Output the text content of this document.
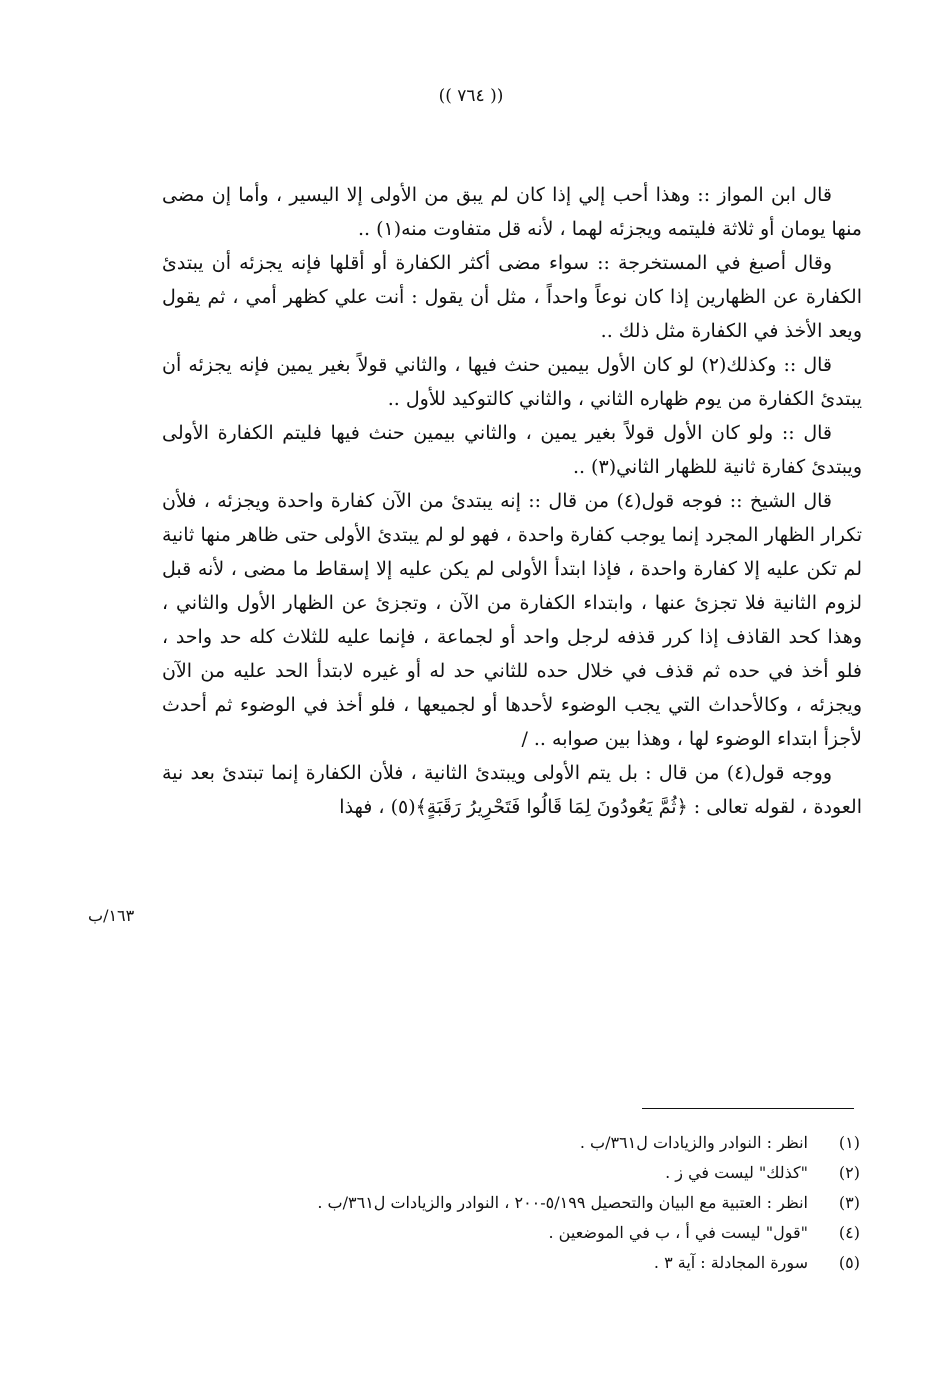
(( ٧٦٤ ))

قال ابن المواز :: وهذا أحب إلي إذا كان لم يبق من الأولى إلا اليسير ، وأما إن مضى منها يومان أو ثلاثة فليتمه ويجزئه لهما ، لأنه قل متفاوت منه(١) ..

وقال أصبغ في المستخرجة :: سواء مضى أكثر الكفارة أو أقلها فإنه يجزئه أن يبتدئ الكفارة عن الظهارين إذا كان نوعاً واحداً ، مثل أن يقول : أنت علي كظهر أمي ، ثم يقول ويعد الأخذ في الكفارة مثل ذلك ..

قال :: وكذلك(٢) لو كان الأول بيمين حنث فيها ، والثاني قولاً بغير يمين فإنه يجزئه أن يبتدئ الكفارة من يوم ظهاره الثاني ، والثاني كالتوكيد للأول ..

قال :: ولو كان الأول قولاً بغير يمين ، والثاني بيمين حنث فيها فليتم الكفارة الأولى ويبتدئ كفارة ثانية للظهار الثاني(٣) ..

قال الشيخ :: فوجه قول(٤) من قال :: إنه يبتدئ من الآن كفارة واحدة ويجزئه ، فلأن تكرار الظهار المجرد إنما يوجب كفارة واحدة ، فهو لو لم يبتدئ الأولى حتى ظاهر منها ثانية لم تكن عليه إلا كفارة واحدة ، فإذا ابتدأ الأولى لم يكن عليه إلا إسقاط ما مضى ، لأنه قبل لزوم الثانية فلا تجزئ عنها ، وابتداء الكفارة من الآن ، وتجزئ عن الظهار الأول والثاني ، وهذا كحد القاذف إذا كرر قذفه لرجل واحد أو لجماعة ، فإنما عليه للثلاث كله حد واحد ، فلو أخذ في حده ثم قذف في خلال حده للثاني حد له أو غيره لابتدأ الحد عليه من الآن ويجزئه ، وكالأحداث التي يجب الوضوء لأحدها أو لجميعها ، فلو أخذ في الوضوء ثم أحدث لأجزأ ابتداء الوضوء لها ، وهذا بين صوابه .. /

ووجه قول(٤) من قال : بل يتم الأولى ويبتدئ الثانية ، فلأن الكفارة إنما تبتدئ بعد نية العودة ، لقوله تعالى : ﴿ثُمَّ يَعُودُونَ لِمَا قَالُوا فَتَحْرِيرُ رَقَبَةٍ﴾(٥) ، فهذا

١٦٣/ب
(١)
انظر : النوادر والزيادات ل٣٦١/ب .
(٢)
"كذلك" ليست في ز .
(٣)
انظر : العتبية مع البيان والتحصيل ٥/١٩٩-٢٠٠ ، النوادر والزيادات ل٣٦١/ب .
(٤)
"قول" ليست في أ ، ب في الموضعين .
(٥)
سورة المجادلة : آية ٣ .
